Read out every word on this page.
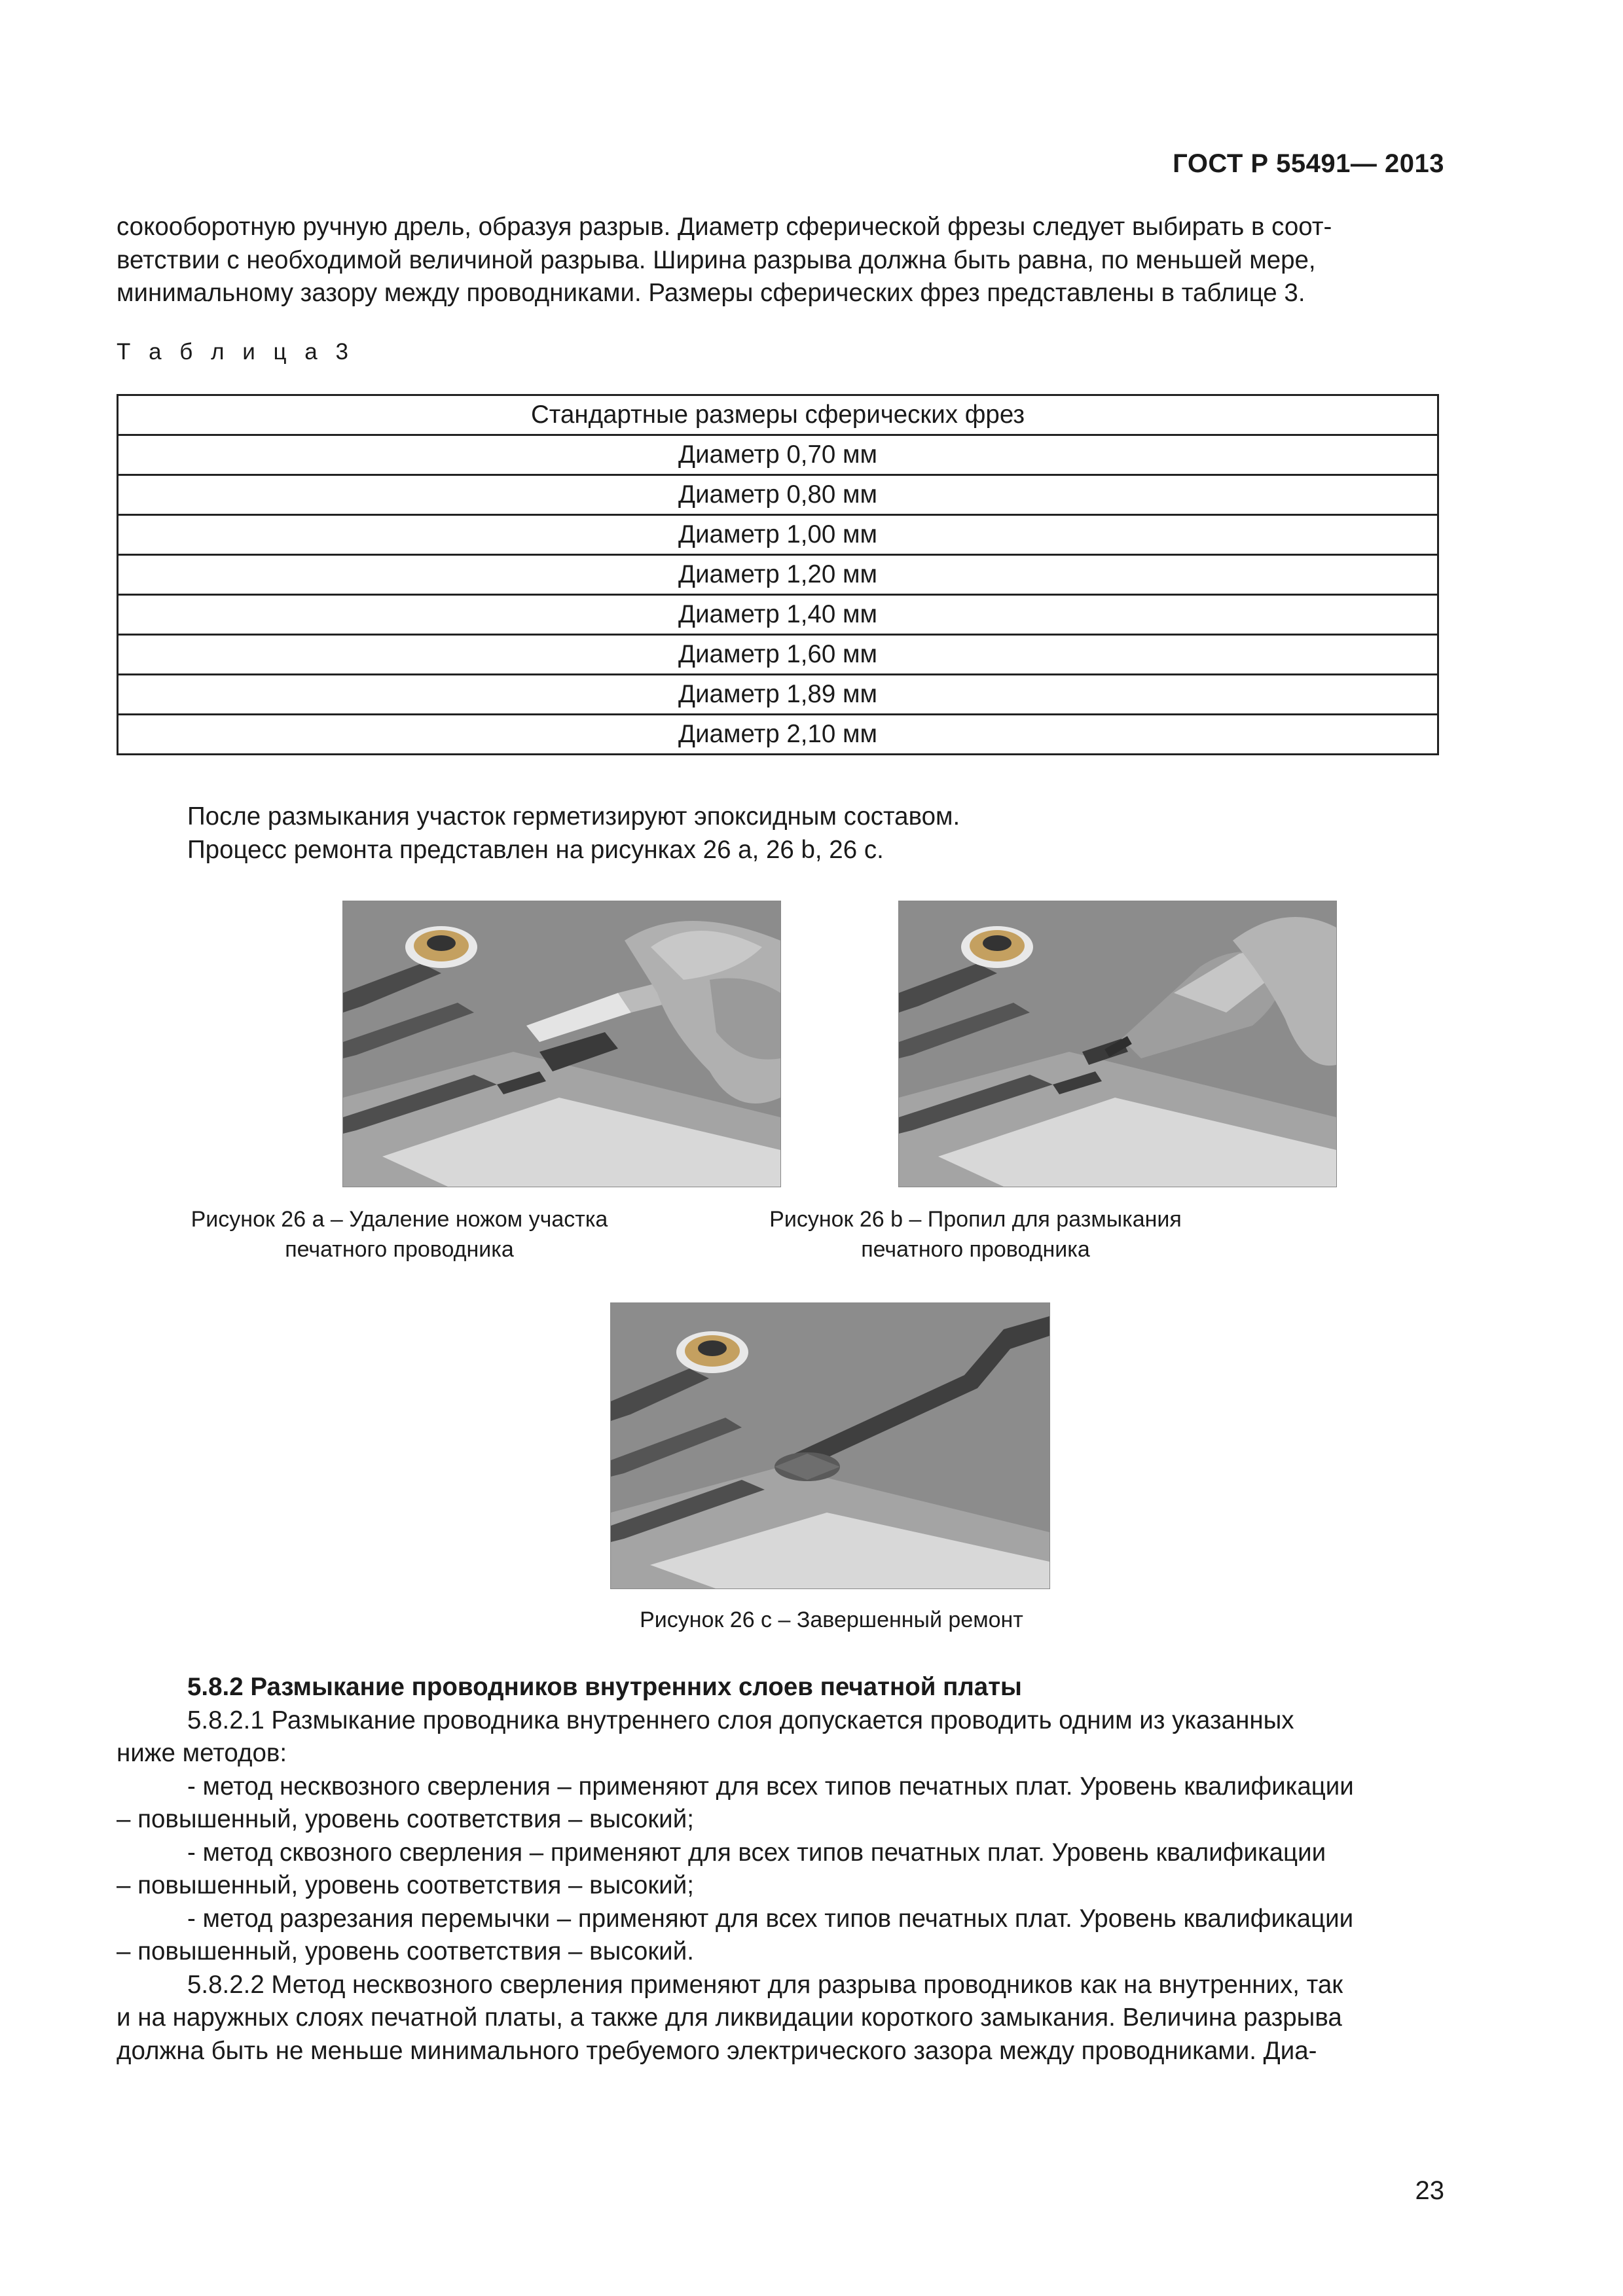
ГОСТ Р 55491— 2013

сокооборотную ручную дрель, образуя разрыв. Диаметр сферической фрезы следует выбирать в соот-

ветствии с необходимой величиной разрыва. Ширина разрыва должна быть равна, по меньшей мере,

минимальному зазору между проводниками. Размеры сферических фрез представлены в таблице 3.

Т а б л и ц а 3
Стандартные размеры сферических фрез
Диаметр 0,70 мм
Диаметр 0,80 мм
Диаметр 1,00 мм
Диаметр 1,20 мм
Диаметр 1,40 мм
Диаметр 1,60 мм
Диаметр 1,89 мм
Диаметр 2,10 мм

После размыкания участок герметизируют эпоксидным составом.

Процесс ремонта представлен на рисунках 26 а, 26 b, 26 c.

Рисунок 26 а – Удаление ножом участка
печатного проводника
Рисунок 26 b – Пропил для размыкания
печатного проводника
Рисунок 26 с – Завершенный ремонт

5.8.2 Размыкание проводников внутренних слоев печатной платы

5.8.2.1 Размыкание проводника внутреннего слоя допускается проводить одним из указанных

ниже методов:

- метод несквозного сверления – применяют для всех типов печатных плат. Уровень квалификации

– повышенный, уровень соответствия – высокий;

- метод сквозного сверления – применяют для всех типов печатных плат. Уровень квалификации

– повышенный, уровень соответствия – высокий;

- метод разрезания перемычки – применяют для всех типов печатных плат. Уровень квалификации

– повышенный, уровень соответствия – высокий.

5.8.2.2 Метод несквозного сверления применяют для разрыва проводников как на внутренних, так

и на наружных слоях печатной платы, а также для ликвидации короткого замыкания. Величина разрыва

должна быть не меньше минимального требуемого электрического зазора между проводниками. Диа-

23
